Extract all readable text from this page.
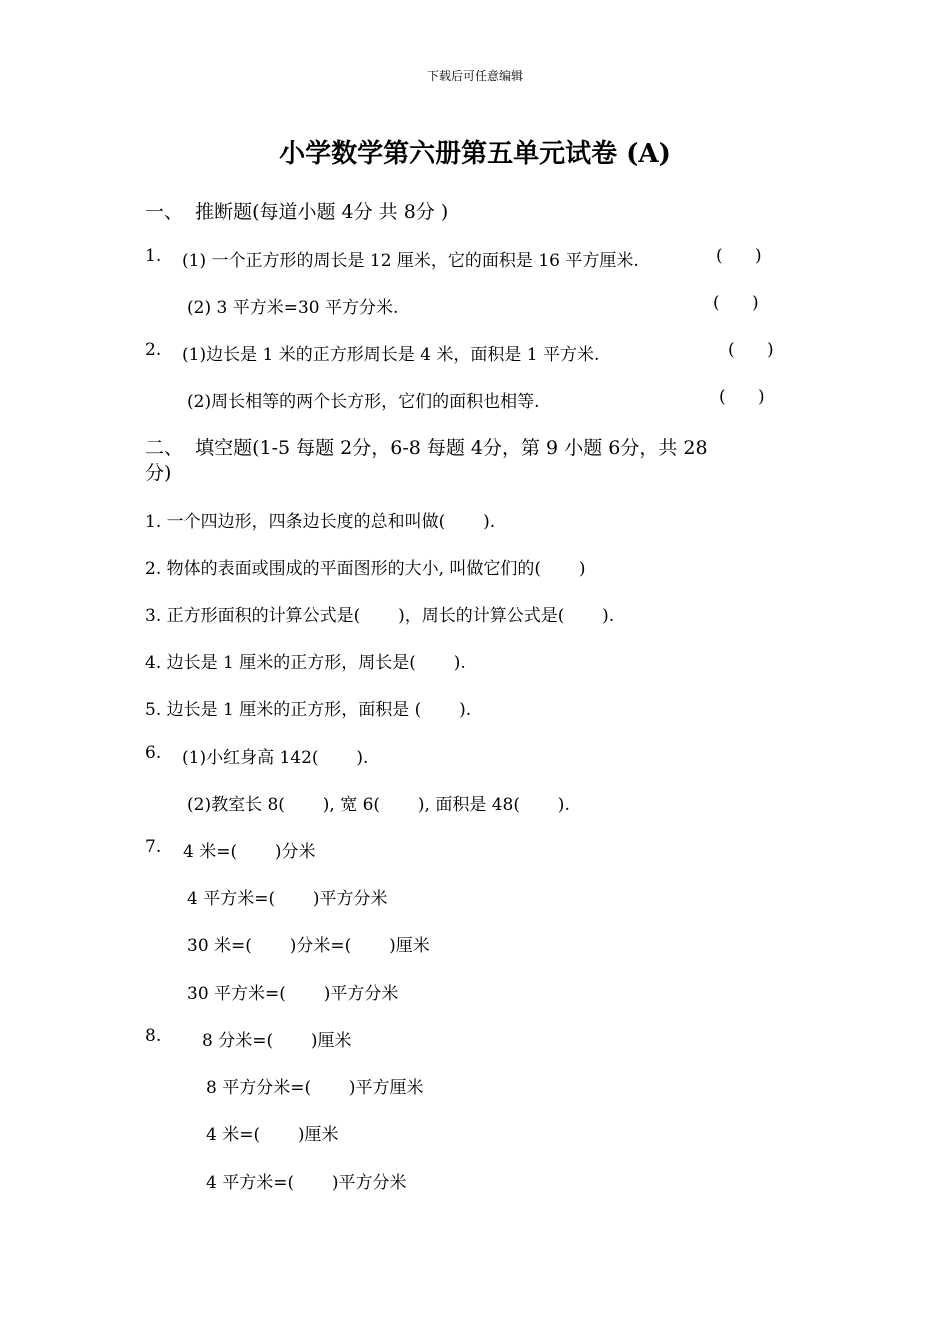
下载后可任意编辑
小学数学第六册第五单元试卷 (A)
一、  推断题(每道小题 4分 共 8分 )
1. (1) 一个正方形的周长是 12 厘米，它的面积是 16 平方厘米.	(      )
(2) 3 平方米=30 平方分米.	(      )
2. (1)边长是 1 米的正方形周长是 4 米，面积是 1 平方米.	(      )
(2)周长相等的两个长方形，它们的面积也相等.	(      )
二、  填空题(1-5 每题 2分，6-8 每题 4分，第 9 小题 6分，共 28
分)
1. 一个四边形，四条边长度的总和叫做(       ).
2. 物体的表面或围成的平面图形的大小, 叫做它们的(       )
3. 正方形面积的计算公式是(       )，周长的计算公式是(       ).
4. 边长是 1 厘米的正方形，周长是(       ).
5. 边长是 1 厘米的正方形，面积是 (       ).
6. (1)小红身高 142(       ).
(2)教室长 8(       ), 宽 6(       ), 面积是 48(       ).
7. 4 米=(       )分米
4 平方米=(       )平方分米
30 米=(       )分米=(       )厘米
30 平方米=(       )平方分米
8. 8 分米=(       )厘米
8 平方分米=(       )平方厘米
4 米=(       )厘米
4 平方米=(       )平方分米
